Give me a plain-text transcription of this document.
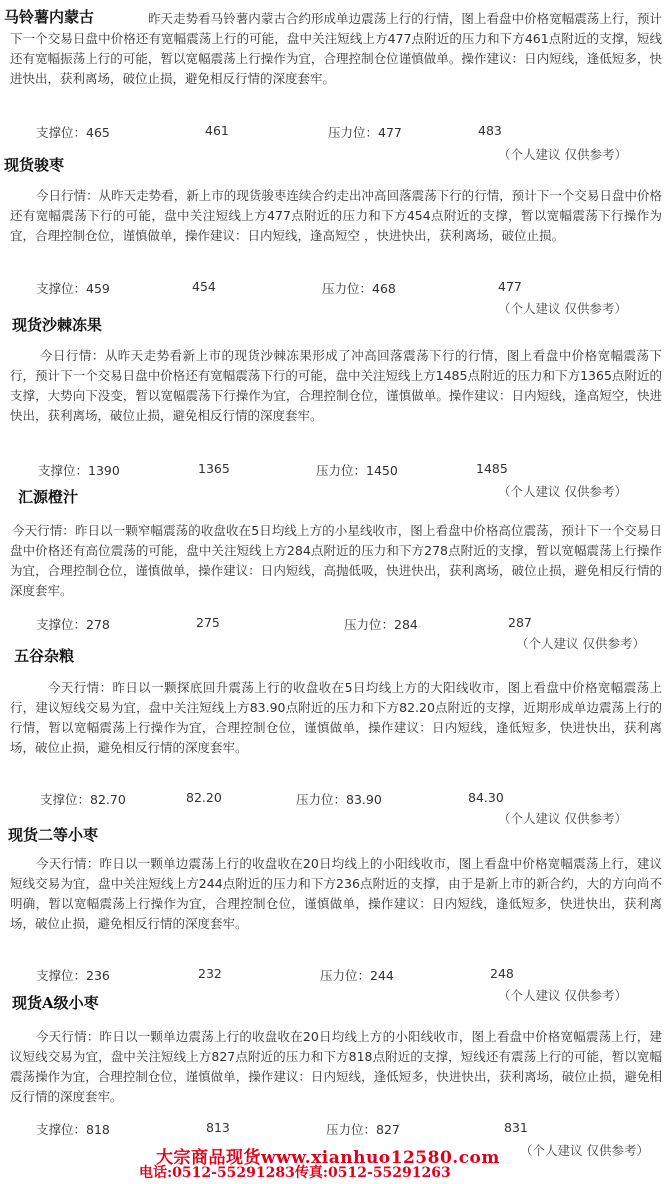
马铃薯内蒙古	昨天走势看马铃薯内蒙古合约形成单边震荡上行的行情，图上看盘中价格宽幅震荡上行，预计下一个交易日盘中价格还有宽幅震荡上行的可能，盘中关注短线上方477点附近的压力和下方461点附近的支撑，短线还有宽幅振荡上行的可能，暂以宽幅震荡上行操作为宜，合理控制仓位谨慎做单。操作建议：日内短线，逢低短多，快进快出，获利离场，破位止损，避免相反行情的深度套牢。
支撑位：465	461	压力位：477	483
（个人建议 仅供参考）
现货骏枣
今日行情：从昨天走势看，新上市的现货骏枣连续合约走出冲高回落震荡下行的行情，预计下一个交易日盘中价格还有宽幅震荡下行的可能，盘中关注短线上方477点附近的压力和下方454点附近的支撑，暂以宽幅震荡下行操作为宜，合理控制仓位，谨慎做单，操作建议：日内短线，逢高短空 ，快进快出，获利离场，破位止损。
支撑位：459	454	压力位：468	477
（个人建议 仅供参考）
现货沙棘冻果
今日行情：从昨天走势看新上市的现货沙棘冻果形成了冲高回落震荡下行的行情，图上看盘中价格宽幅震荡下行，预计下一个交易日盘中价格还有宽幅震荡下行的可能，盘中关注短线上方1485点附近的压力和下方1365点附近的支撑，大势向下没变，暂以宽幅震荡下行操作为宜，合理控制仓位，谨慎做单。操作建议：日内短线，逢高短空，快进快出，获利离场，破位止损，避免相反行情的深度套牢。
支撑位：1390	1365	压力位：1450	1485
（个人建议 仅供参考）
汇源橙汁
今天行情：昨日以一颗窄幅震荡的收盘收在5日均线上方的小星线收市，图上看盘中价格高位震荡，预计下一个交易日盘中价格还有高位震荡的可能，盘中关注短线上方284点附近的压力和下方278点附近的支撑，暂以宽幅震荡上行操作为宜，合理控制仓位，谨慎做单，操作建议：日内短线，高抛低吸，快进快出，获利离场，破位止损，避免相反行情的深度套牢。
支撑位：278	275	压力位：284	287
（个人建议 仅供参考）
五谷杂粮
今天行情：昨日以一颗探底回升震荡上行的收盘收在5日均线上方的大阳线收市，图上看盘中价格宽幅震荡上行，建议短线交易为宜，盘中关注短线上方83.90点附近的压力和下方82.20点附近的支撑，近期形成单边震荡上行的行情，暂以宽幅震荡上行操作为宜，合理控制仓位，谨慎做单，操作建议：日内短线，逢低短多，快进快出，获利离场，破位止损，避免相反行情的深度套牢。
支撑位：82.70	82.20	压力位：83.90	84.30
（个人建议 仅供参考）
现货二等小枣
今天行情：昨日以一颗单边震荡上行的收盘收在20日均线上的小阳线收市，图上看盘中价格宽幅震荡上行，建议短线交易为宜，盘中关注短线上方244点附近的压力和下方236点附近的支撑，由于是新上市的新合约，大的方向尚不明确，暂以宽幅震荡上行操作为宜，合理控制仓位，谨慎做单，操作建议：日内短线，逢低短多，快进快出，获利离场，破位止损，避免相反行情的深度套牢。
支撑位：236	232	压力位：244	248
（个人建议 仅供参考）
现货A级小枣
今天行情：昨日以一颗单边震荡上行的收盘收在20日均线上方的小阳线收市，图上看盘中价格宽幅震荡上行，建议短线交易为宜，盘中关注短线上方827点附近的压力和下方818点附近的支撑，短线还有震荡上行的可能，暂以宽幅震荡操作为宜，合理控制仓位，谨慎做单，操作建议：日内短线，逢低短多，快进快出，获利离场，破位止损，避免相反行情的深度套牢。
支撑位：818	813	压力位：827	831
（个人建议 仅供参考）
大宗商品现货www.xianhuo12580.com
电话:0512-55291283传真:0512-55291263
